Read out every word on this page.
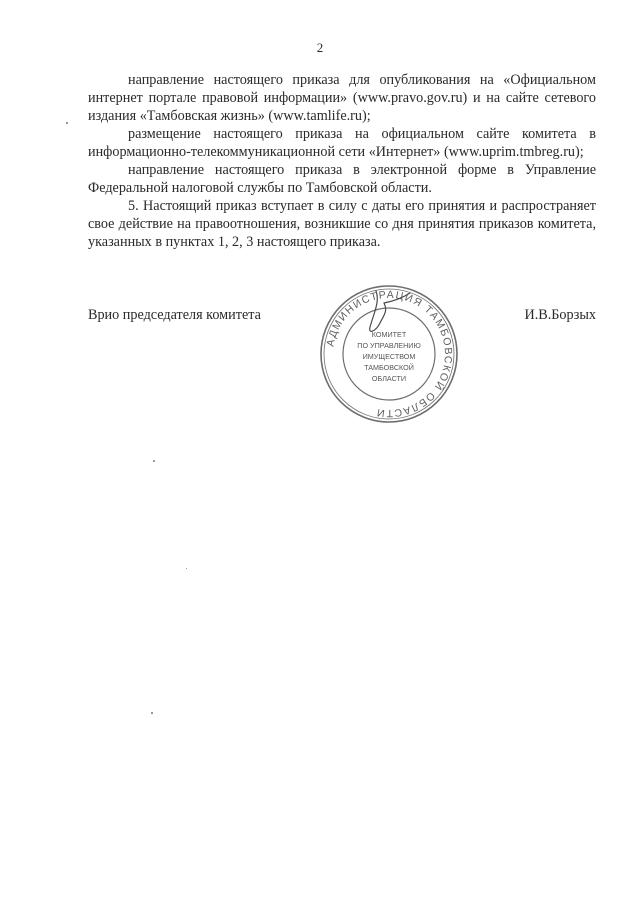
2

направление настоящего приказа для опубликования на «Официальном интернет портале правовой информации» (www.pravo.gov.ru) и на сайте сетевого издания «Тамбовская жизнь» (www.tamlife.ru);

размещение настоящего приказа на официальном сайте комитета в информационно-телекоммуникационной сети «Интернет» (www.uprim.tmbreg.ru);

направление настоящего приказа в электронной форме в Управление Федеральной налоговой службы по Тамбовской области.

5. Настоящий приказ вступает в силу с даты его принятия и распространяет свое действие на правоотношения, возникшие со дня принятия приказов комитета, указанных в пунктах 1, 2, 3 настоящего приказа.

Врио председателя комитета	И.В.Борзых
АДМИНИСТРАЦИЯ ТАМБОВСКОЙ ОБЛАСТИ
КОМИТЕТ
ПО УПРАВЛЕНИЮ
ИМУЩЕСТВОМ
ТАМБОВСКОЙ
ОБЛАСТИ
